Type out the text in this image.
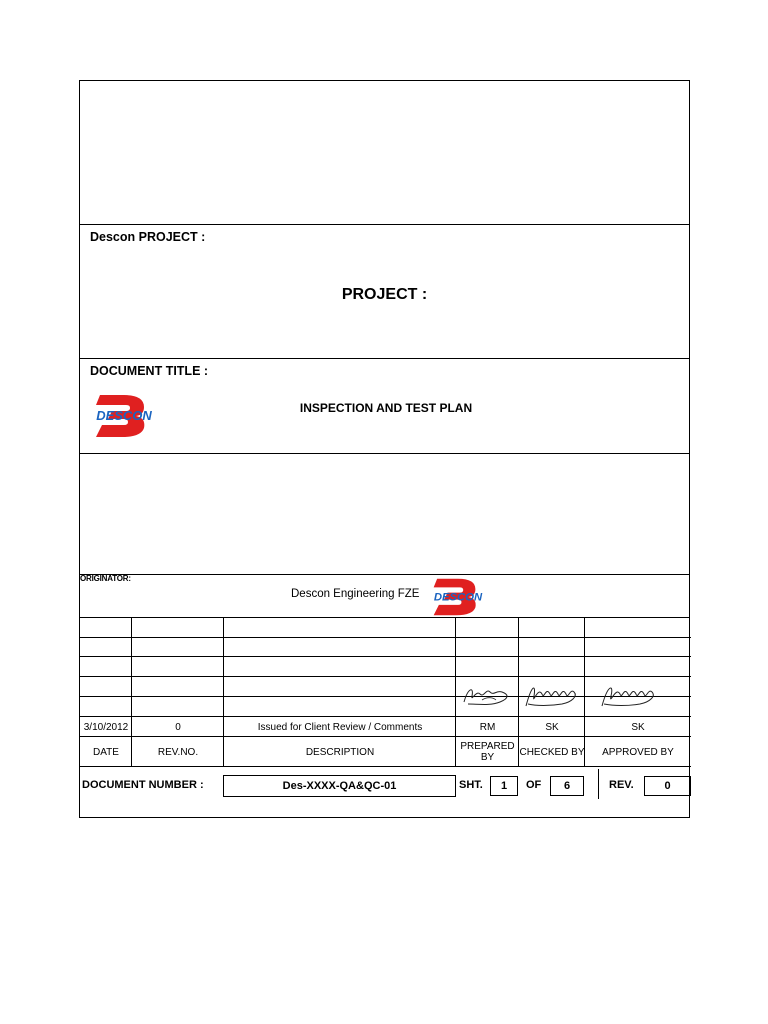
Descon PROJECT :
PROJECT :
DOCUMENT TITLE :
INSPECTION AND TEST PLAN
DESCON
ORIGINATOR:
Descon Engineering FZE DESCON
3/10/2012	0	Issued for Client Review / Comments	RM	SK	SK
DATE	REV.NO.	DESCRIPTION	PREPARED BY	CHECKED BY	APPROVED BY
DOCUMENT NUMBER :	Des-XXXX-QA&QC-01	SHT.	1	OF	6	REV.	0
